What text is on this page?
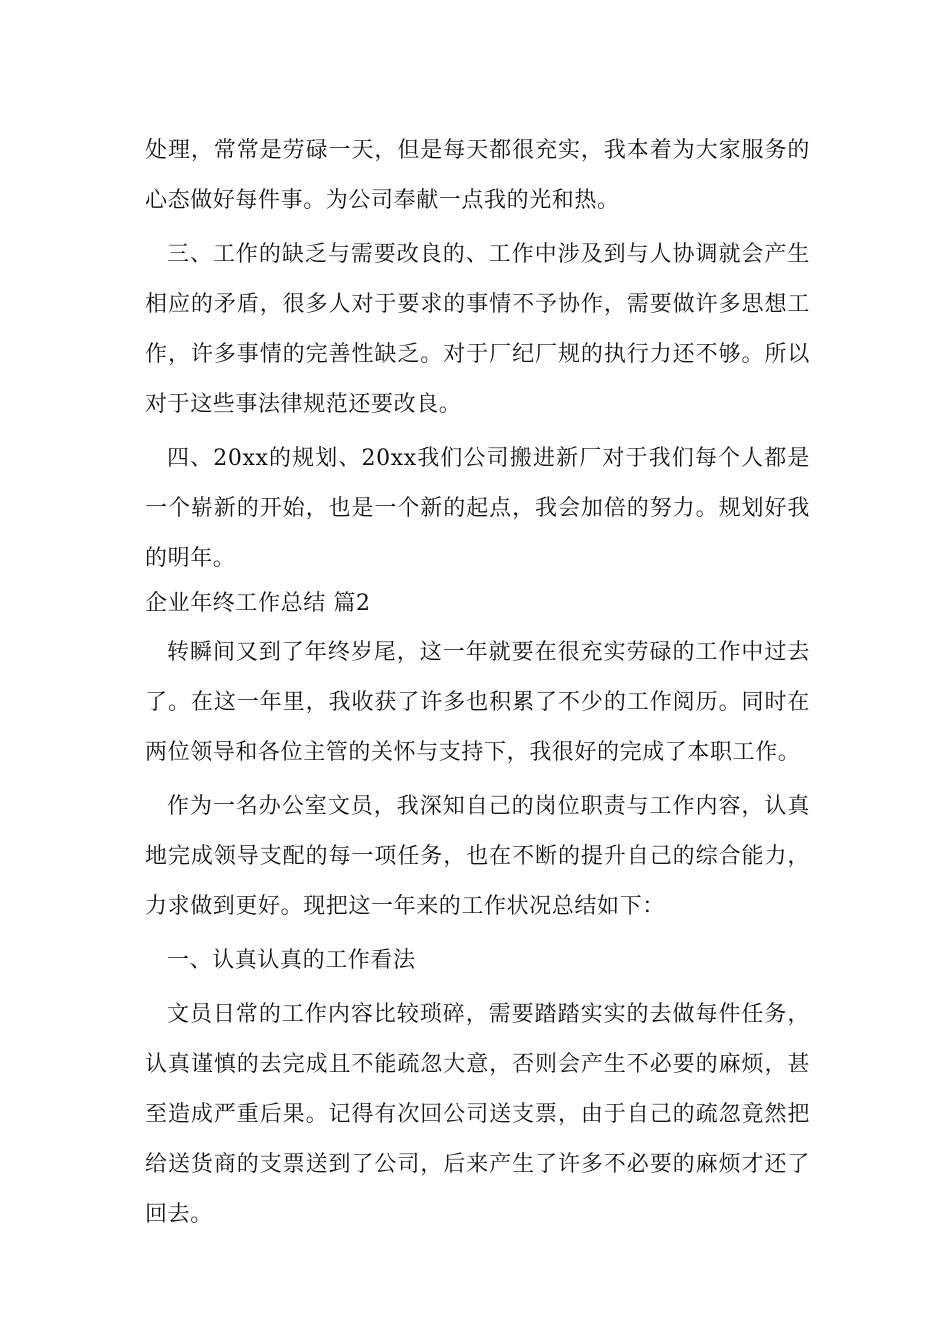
处理，常常是劳碌一天，但是每天都很充实，我本着为大家服务的心态做好每件事。为公司奉献一点我的光和热。

三、工作的缺乏与需要改良的、工作中涉及到与人协调就会产生相应的矛盾，很多人对于要求的事情不予协作，需要做许多思想工作，许多事情的完善性缺乏。对于厂纪厂规的执行力还不够。所以对于这些事法律规范还要改良。

四、20xx的规划、20xx我们公司搬进新厂对于我们每个人都是一个崭新的开始，也是一个新的起点，我会加倍的努力。规划好我的明年。

企业年终工作总结 篇2

转瞬间又到了年终岁尾，这一年就要在很充实劳碌的工作中过去了。在这一年里，我收获了许多也积累了不少的工作阅历。同时在两位领导和各位主管的关怀与支持下，我很好的完成了本职工作。

作为一名办公室文员，我深知自己的岗位职责与工作内容，认真地完成领导支配的每一项任务，也在不断的提升自己的综合能力，力求做到更好。现把这一年来的工作状况总结如下：

一、认真认真的工作看法

文员日常的工作内容比较琐碎，需要踏踏实实的去做每件任务，认真谨慎的去完成且不能疏忽大意，否则会产生不必要的麻烦，甚至造成严重后果。记得有次回公司送支票，由于自己的疏忽竟然把给送货商的支票送到了公司，后来产生了许多不必要的麻烦才还了回去。
